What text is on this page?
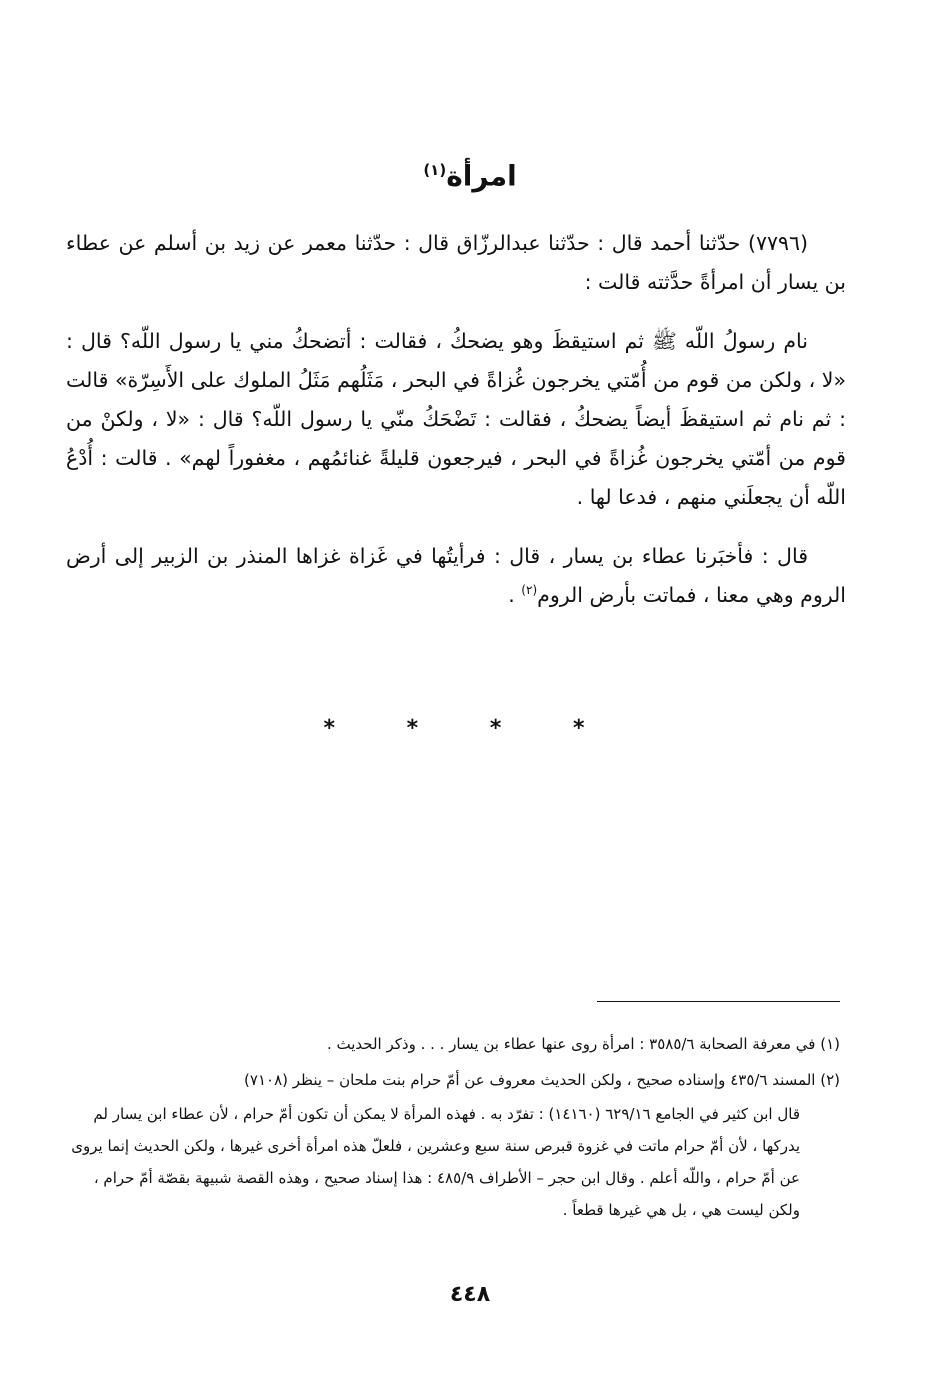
امرأة$^{(١)}$

(٧٧٩٦) حدّثنا أحمد قال : حدّثنا عبدالرزّاق قال : حدّثنا معمر عن زيد بن أسلم عن عطاء بن يسار أن امرأةً حدَّثته قالت :

نام رسولُ اللّه ﷺ ثم استيقظَ وهو يضحكُ ، فقالت : أتضحكُ مني يا رسول اللّه؟ قال : «لا ، ولكن من قوم من أُمّتي يخرجون غُزاةً في البحر ، مَثَلُهم مَثَلُ الملوك على الأَسِرّة» قالت : ثم نام ثم استيقظَ أيضاً يضحكُ ، فقالت : تَضْحَكُ منّي يا رسول اللّه؟ قال : «لا ، ولكنْ من قوم من أمّتي يخرجون غُزاةً في البحر ، فيرجعون قليلةً غنائمُهم ، مغفوراً لهم» . قالت : أُدْعُ اللّه أن يجعلَني منهم ، فدعا لها .

قال : فأخبَرنا عطاء بن يسار ، قال : فرأيتُها في غَزاة غزاها المنذر بن الزبير إلى أرض الروم وهي معنا ، فماتت بأرض الروم$^{(٢)}$ .

* * * *

(١) في معرفة الصحابة ٣٥٨٥/٦ : امرأة روى عنها عطاء بن يسار . . . وذكر الحديث .

(٢) المسند ٤٣٥/٦ وإسناده صحيح ، ولكن الحديث معروف عن أمّ حرام بنت ملحان – ينظر (٧١٠٨)

قال ابن كثير في الجامع ٦٢٩/١٦ (١٤١٦٠) : تفرّد به . فهذه المرأة لا يمكن أن تكون أمّ حرام ، لأن عطاء ابن يسار لم يدركها ، لأن أمّ حرام ماتت في غزوة قبرص سنة سبع وعشرين ، فلعلّ هذه امرأة أخرى غيرها ، ولكن الحديث إنما يروى عن أمّ حرام ، واللّه أعلم . وقال ابن حجر – الأطراف ٤٨٥/٩ : هذا إسناد صحيح ، وهذه القصة شبيهة بقصّة أمّ حرام ، ولكن ليست هي ، بل هي غيرها قطعاً .

٤٤٨
